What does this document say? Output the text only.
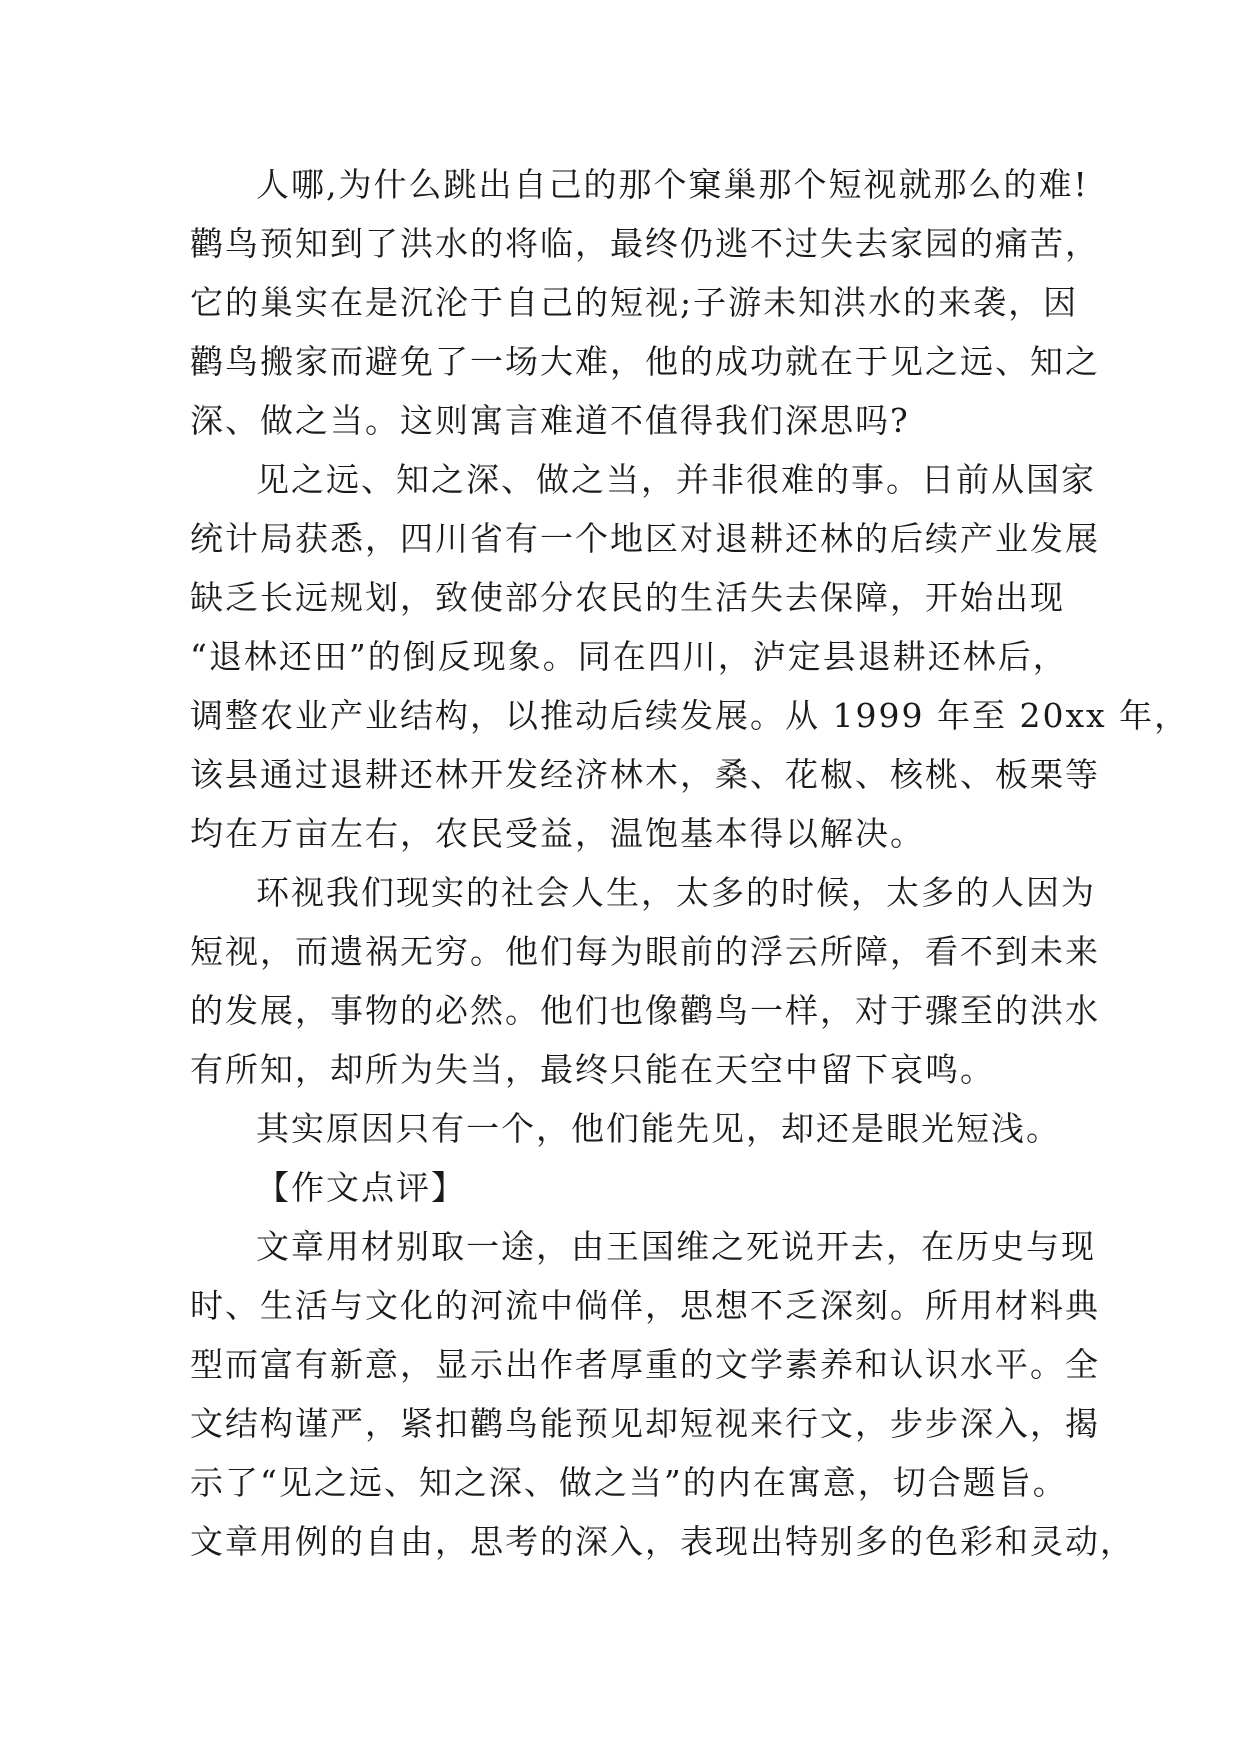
人哪,为什么跳出自己的那个窠巢那个短视就那么的难!
鹳鸟预知到了洪水的将临，最终仍逃不过失去家园的痛苦，
它的巢实在是沉沦于自己的短视;子游未知洪水的来袭，因
鹳鸟搬家而避免了一场大难，他的成功就在于见之远、知之
深、做之当。这则寓言难道不值得我们深思吗?
见之远、知之深、做之当，并非很难的事。日前从国家
统计局获悉，四川省有一个地区对退耕还林的后续产业发展
缺乏长远规划，致使部分农民的生活失去保障，开始出现
“退林还田”的倒反现象。同在四川，泸定县退耕还林后，
调整农业产业结构，以推动后续发展。从 1999 年至 20xx 年，
该县通过退耕还林开发经济林木，桑、花椒、核桃、板栗等
均在万亩左右，农民受益，温饱基本得以解决。
环视我们现实的社会人生，太多的时候，太多的人因为
短视，而遗祸无穷。他们每为眼前的浮云所障，看不到未来
的发展，事物的必然。他们也像鹳鸟一样，对于骤至的洪水
有所知，却所为失当，最终只能在天空中留下哀鸣。
其实原因只有一个，他们能先见，却还是眼光短浅。
【作文点评】
文章用材别取一途，由王国维之死说开去，在历史与现
时、生活与文化的河流中倘佯，思想不乏深刻。所用材料典
型而富有新意，显示出作者厚重的文学素养和认识水平。全
文结构谨严，紧扣鹳鸟能预见却短视来行文，步步深入，揭
示了“见之远、知之深、做之当”的内在寓意，切合题旨。
文章用例的自由，思考的深入，表现出特别多的色彩和灵动，
